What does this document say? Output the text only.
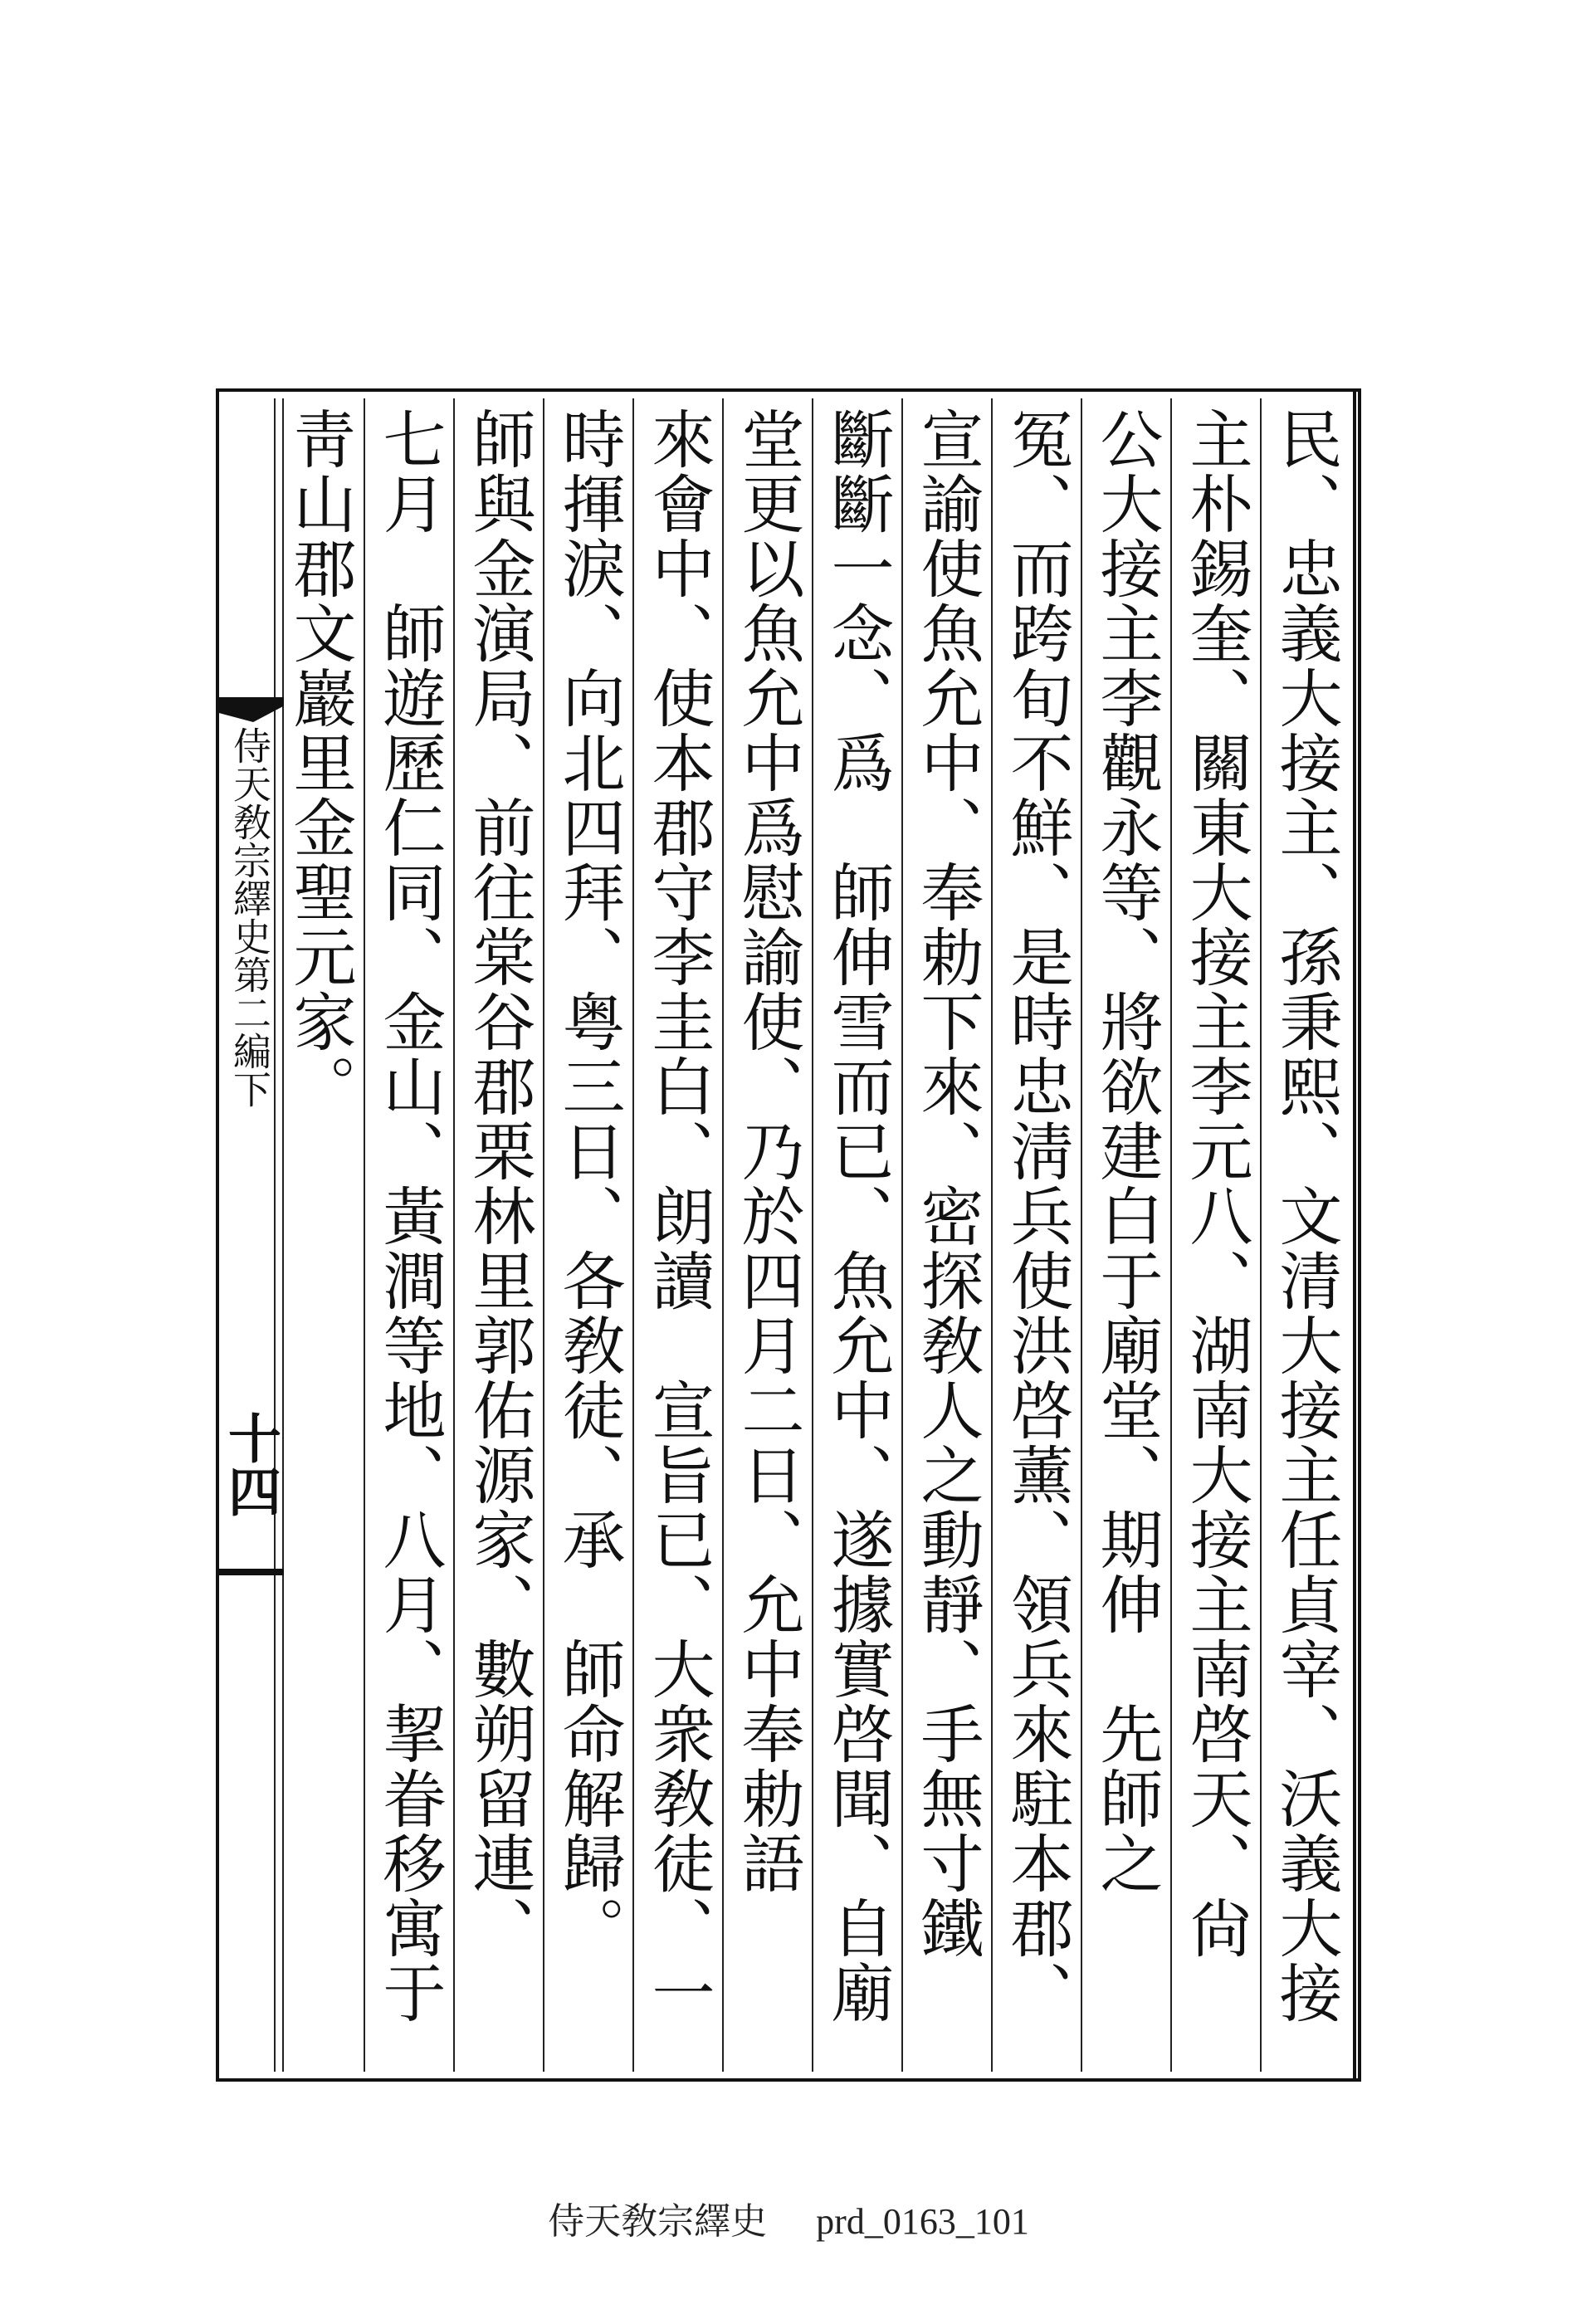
民、忠義大接主、孫秉熙、文清大接主任貞宰、沃義大接
主朴錫奎、關東大接主李元八、湖南大接主南啓天、尙
公大接主李觀永等、將欲建白于廟堂、期伸　先師之
冤、而跨旬不鮮、是時忠淸兵使洪啓薰、領兵來駐本郡、
宣諭使魚允中、奉勅下來、密探敎人之動靜、手無寸鐵
斷斷一念、爲　師伸雪而已、魚允中、遂據實啓聞、自廟
堂更以魚允中爲慰諭使、乃於四月二日、允中奉勅語
來會中、使本郡守李圭白、朗讀　宣旨已、大衆敎徒、一
時揮淚、向北四拜、粤三日、各敎徒、承　師命解歸。
師與金演局、前往棠谷郡栗林里郭佑源家、數朔留連、
七月　師遊歷仁同、金山、黃澗等地、八月、挈眷移寓于
靑山郡文巖里金聖元家。
侍天敎宗繹史第二編下
十四
侍天敎宗繹史 prd_0163_101
